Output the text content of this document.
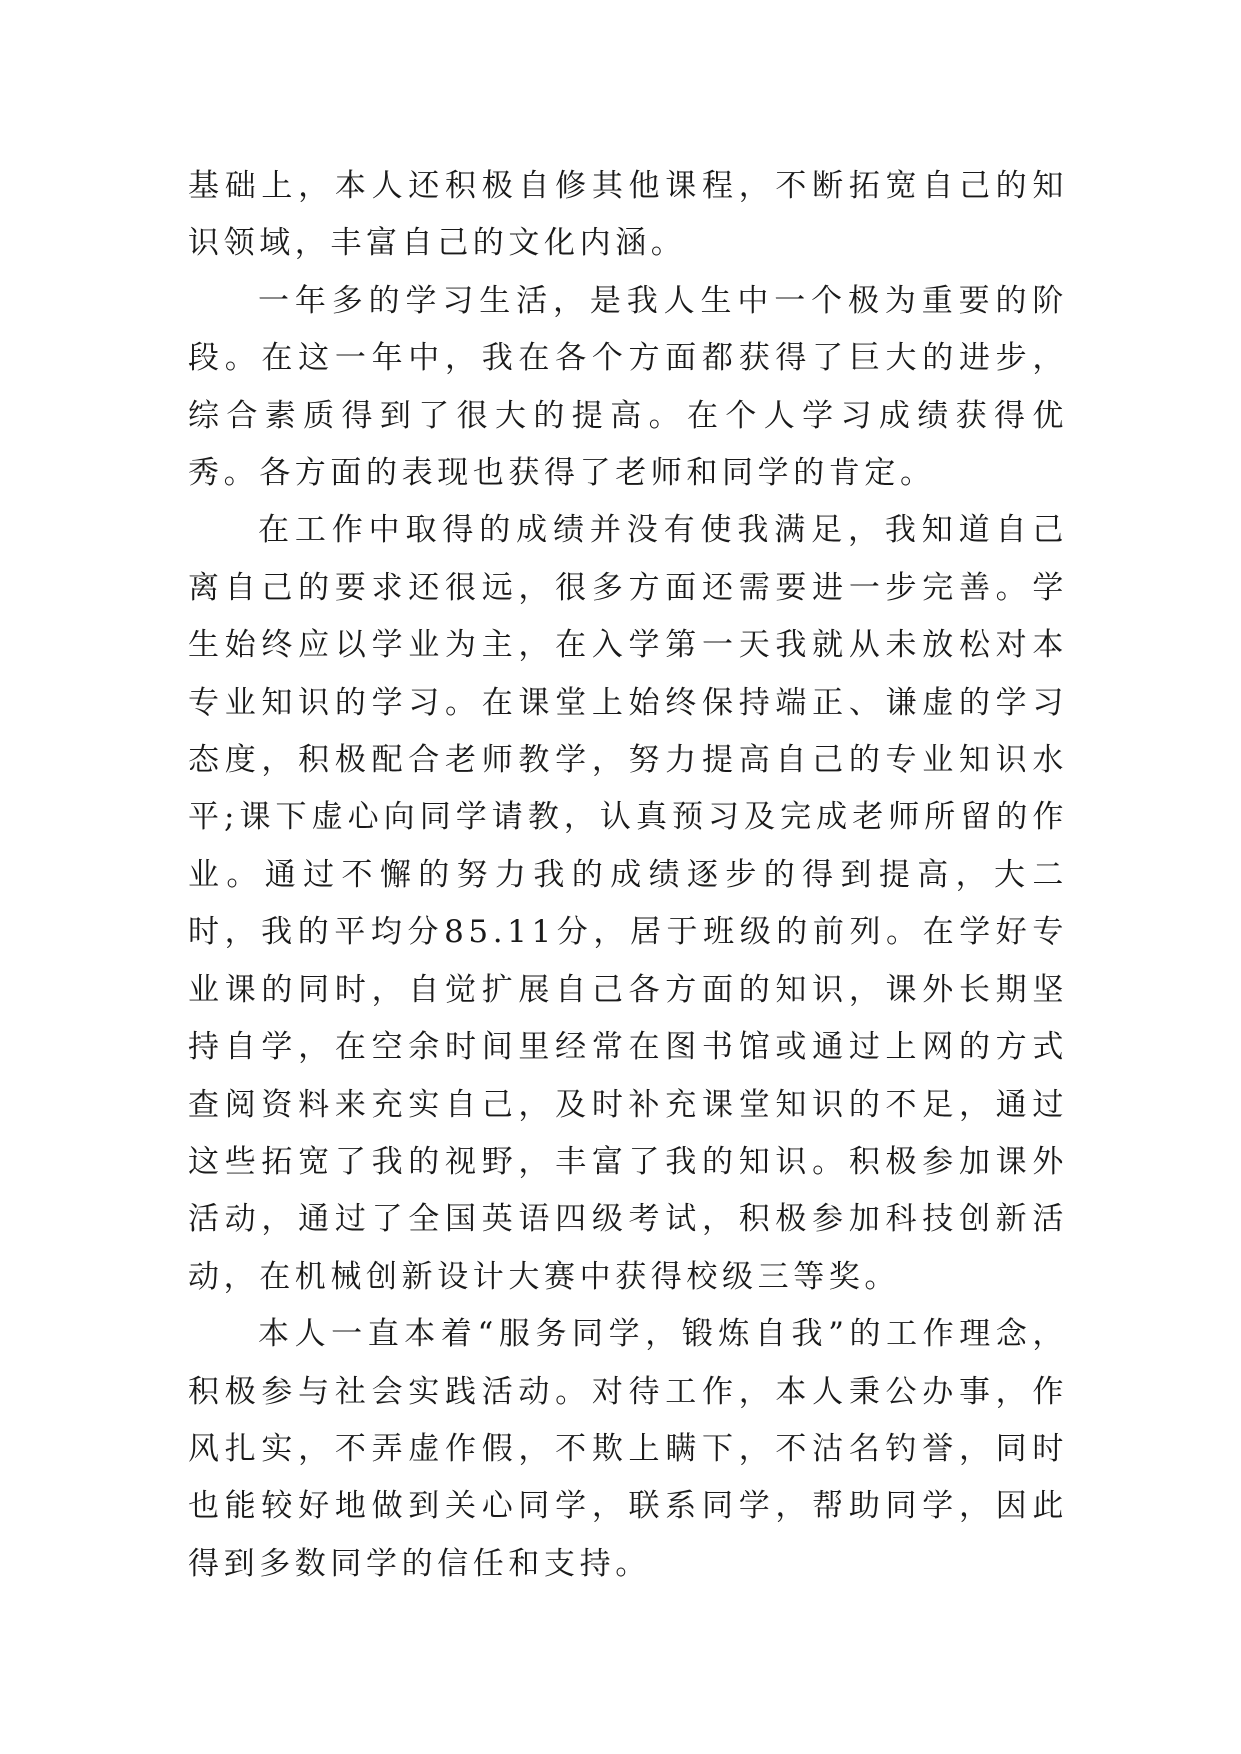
基础上，本人还积极自修其他课程，不断拓宽自己的知识领域，丰富自己的文化内涵。

一年多的学习生活，是我人生中一个极为重要的阶段。在这一年中，我在各个方面都获得了巨大的进步，综合素质得到了很大的提高。在个人学习成绩获得优秀。各方面的表现也获得了老师和同学的肯定。

在工作中取得的成绩并没有使我满足，我知道自己离自己的要求还很远，很多方面还需要进一步完善。学生始终应以学业为主，在入学第一天我就从未放松对本专业知识的学习。在课堂上始终保持端正、谦虚的学习态度，积极配合老师教学，努力提高自己的专业知识水平;课下虚心向同学请教，认真预习及完成老师所留的作业。通过不懈的努力我的成绩逐步的得到提高，大二时，我的平均分85.11分，居于班级的前列。在学好专业课的同时，自觉扩展自己各方面的知识，课外长期坚持自学，在空余时间里经常在图书馆或通过上网的方式查阅资料来充实自己，及时补充课堂知识的不足，通过这些拓宽了我的视野，丰富了我的知识。积极参加课外活动，通过了全国英语四级考试，积极参加科技创新活动，在机械创新设计大赛中获得校级三等奖。

本人一直本着“服务同学，锻炼自我”的工作理念，积极参与社会实践活动。对待工作，本人秉公办事，作风扎实，不弄虚作假，不欺上瞒下，不沽名钓誉，同时也能较好地做到关心同学，联系同学，帮助同学，因此得到多数同学的信任和支持。
